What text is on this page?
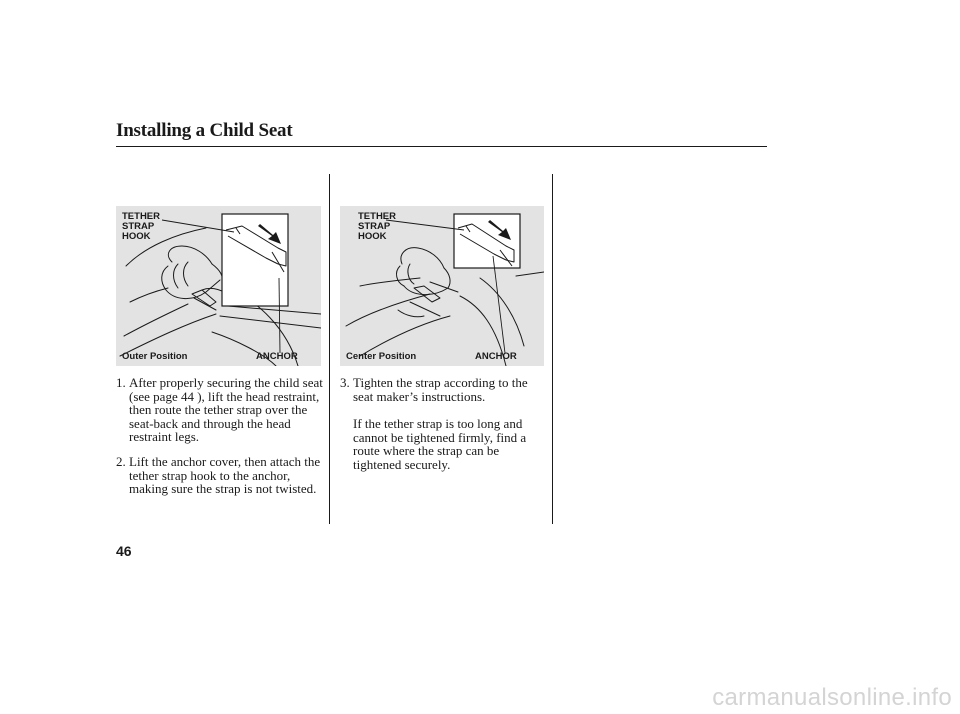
Installing a Child Seat
TETHER
STRAP
HOOK
Outer Position	ANCHOR
TETHER
STRAP
HOOK
Center Position	ANCHOR
1. After properly securing the child seat (see page 44 ), lift the head restraint, then route the tether strap over the seat-back and through the head restraint legs.
2. Lift the anchor cover, then attach the tether strap hook to the anchor, making sure the strap is not twisted.
3. Tighten the strap according to the seat maker’s instructions.
If the tether strap is too long and cannot be tightened firmly, find a route where the strap can be tightened securely.
46
carmanualsonline.info
